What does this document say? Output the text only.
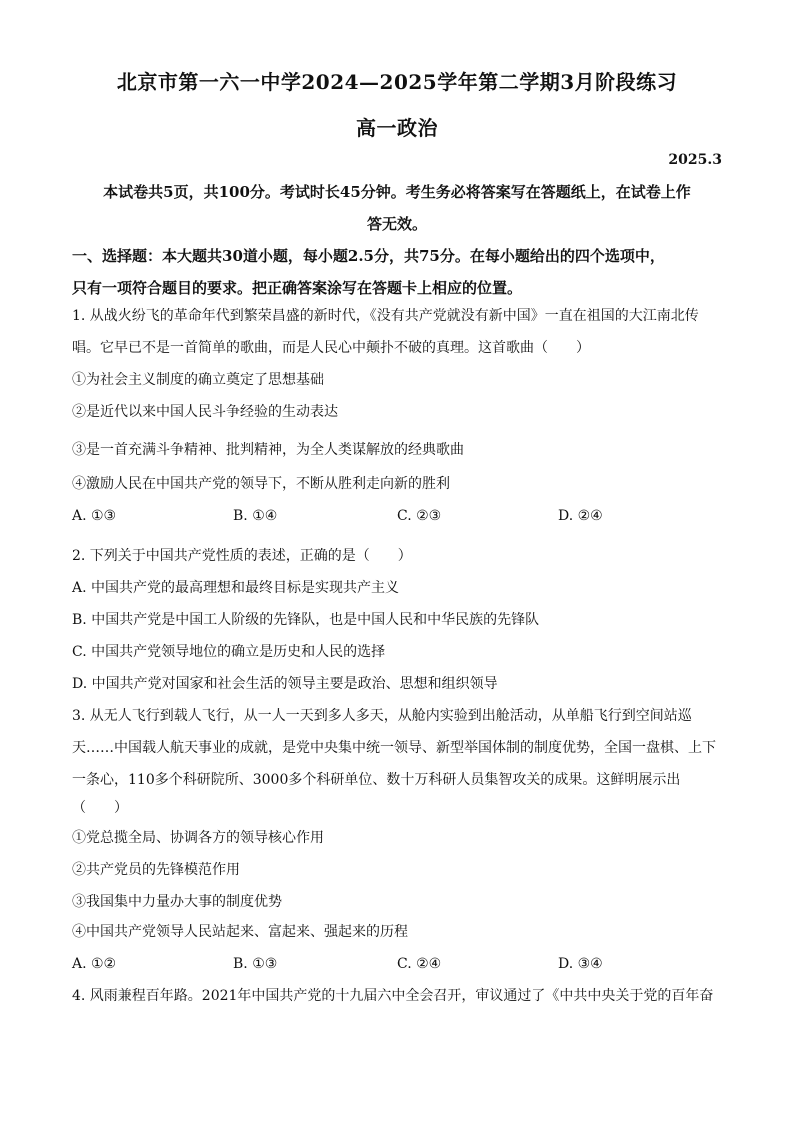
北京市第一六一中学2024—2025学年第二学期3月阶段练习
高一政治
2025.3
本试卷共5页，共100分。考试时长45分钟。考生务必将答案写在答题纸上，在试卷上作
答无效。
一、选择题：本大题共30道小题，每小题2.5分，共75分。在每小题给出的四个选项中，
只有一项符合题目的要求。把正确答案涂写在答题卡上相应的位置。
1. 从战火纷飞的革命年代到繁荣昌盛的新时代，《没有共产党就没有新中国》一直在祖国的大江南北传
唱。它早已不是一首简单的歌曲，而是人民心中颠扑不破的真理。这首歌曲（　　）
①为社会主义制度的确立奠定了思想基础
②是近代以来中国人民斗争经验的生动表达
③是一首充满斗争精神、批判精神，为全人类谋解放的经典歌曲
④激励人民在中国共产党的领导下，不断从胜利走向新的胜利
A. ①③	B. ①④	C. ②③	D. ②④
2. 下列关于中国共产党性质的表述，正确的是（　　）
A. 中国共产党的最高理想和最终目标是实现共产主义
B. 中国共产党是中国工人阶级的先锋队，也是中国人民和中华民族的先锋队
C. 中国共产党领导地位的确立是历史和人民的选择
D. 中国共产党对国家和社会生活的领导主要是政治、思想和组织领导
3. 从无人飞行到载人飞行，从一人一天到多人多天，从舱内实验到出舱活动，从单船飞行到空间站巡
天……中国载人航天事业的成就，是党中央集中统一领导、新型举国体制的制度优势，全国一盘棋、上下
一条心，110多个科研院所、3000多个科研单位、数十万科研人员集智攻关的成果。这鲜明展示出
（　　）
①党总揽全局、协调各方的领导核心作用
②共产党员的先锋模范作用
③我国集中力量办大事的制度优势
④中国共产党领导人民站起来、富起来、强起来的历程
A. ①②	B. ①③	C. ②④	D. ③④
4. 风雨兼程百年路。2021年中国共产党的十九届六中全会召开，审议通过了《中共中央关于党的百年奋
